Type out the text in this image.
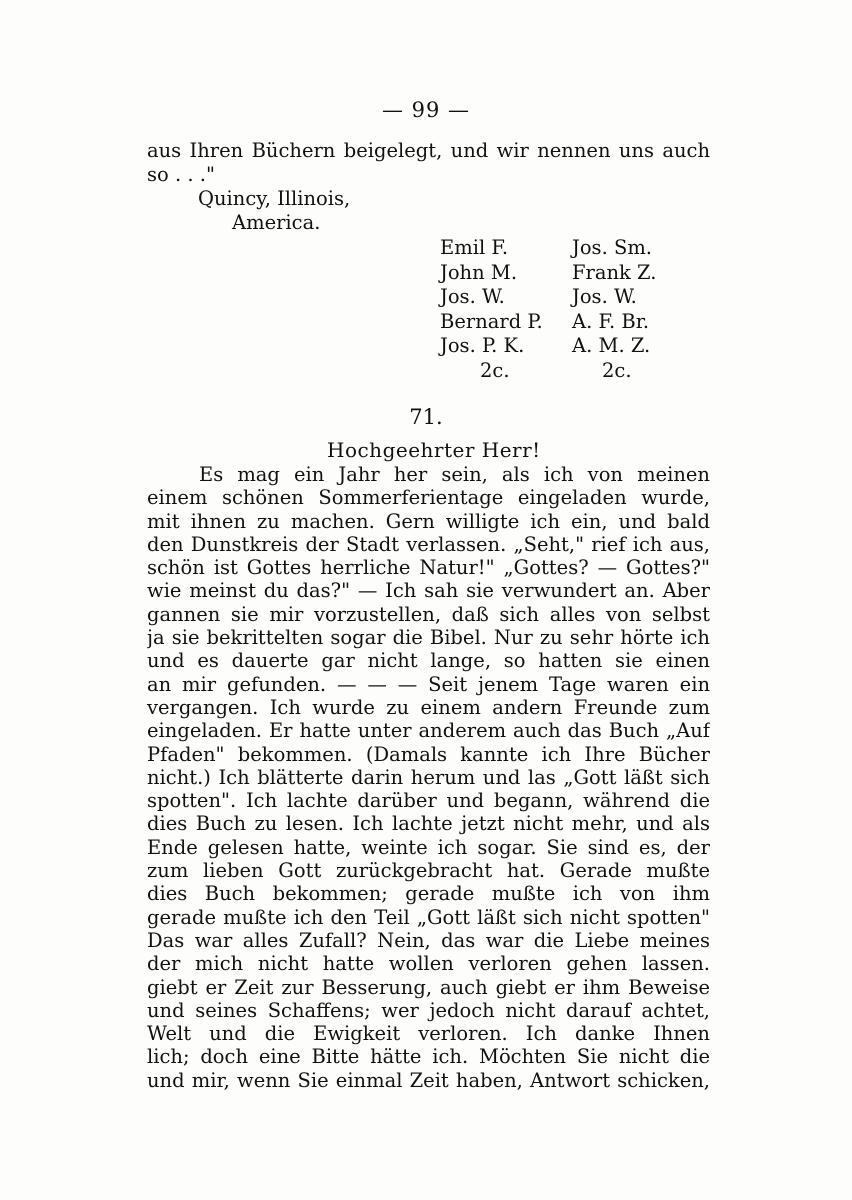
— 99 —
aus Ihren Büchern beigelegt, und wir nennen uns auch
so . . ."
Quincy, Illinois,
America.
Emil F.
John M.
Jos. W.
Bernard P.
Jos. P. K.
2c.
Jos. Sm.
Frank Z.
Jos. W.
A. F. Br.
A. M. Z.
2c.
71.
Hochgeehrter Herr!
Es mag ein Jahr her sein, als ich von meinen
einem schönen Sommerferientage eingeladen wurde,
mit ihnen zu machen. Gern willigte ich ein, und bald
den Dunstkreis der Stadt verlassen. „Seht," rief ich aus,
schön ist Gottes herrliche Natur!" „Gottes? — Gottes?"
wie meinst du das?" — Ich sah sie verwundert an. Aber
gannen sie mir vorzustellen, daß sich alles von selbst
ja sie bekrittelten sogar die Bibel. Nur zu sehr hörte ich
und es dauerte gar nicht lange, so hatten sie einen
an mir gefunden. — — — Seit jenem Tage waren ein
vergangen. Ich wurde zu einem andern Freunde zum
eingeladen. Er hatte unter anderem auch das Buch „Auf
Pfaden" bekommen. (Damals kannte ich Ihre Bücher
nicht.) Ich blätterte darin herum und las „Gott läßt sich
spotten". Ich lachte darüber und begann, während die
dies Buch zu lesen. Ich lachte jetzt nicht mehr, und als
Ende gelesen hatte, weinte ich sogar. Sie sind es, der
zum lieben Gott zurückgebracht hat. Gerade mußte
dies Buch bekommen; gerade mußte ich von ihm
gerade mußte ich den Teil „Gott läßt sich nicht spotten"
Das war alles Zufall? Nein, das war die Liebe meines
der mich nicht hatte wollen verloren gehen lassen.
giebt er Zeit zur Besserung, auch giebt er ihm Beweise
und seines Schaffens; wer jedoch nicht darauf achtet,
Welt und die Ewigkeit verloren. Ich danke Ihnen
lich; doch eine Bitte hätte ich. Möchten Sie nicht die
und mir, wenn Sie einmal Zeit haben, Antwort schicken,
